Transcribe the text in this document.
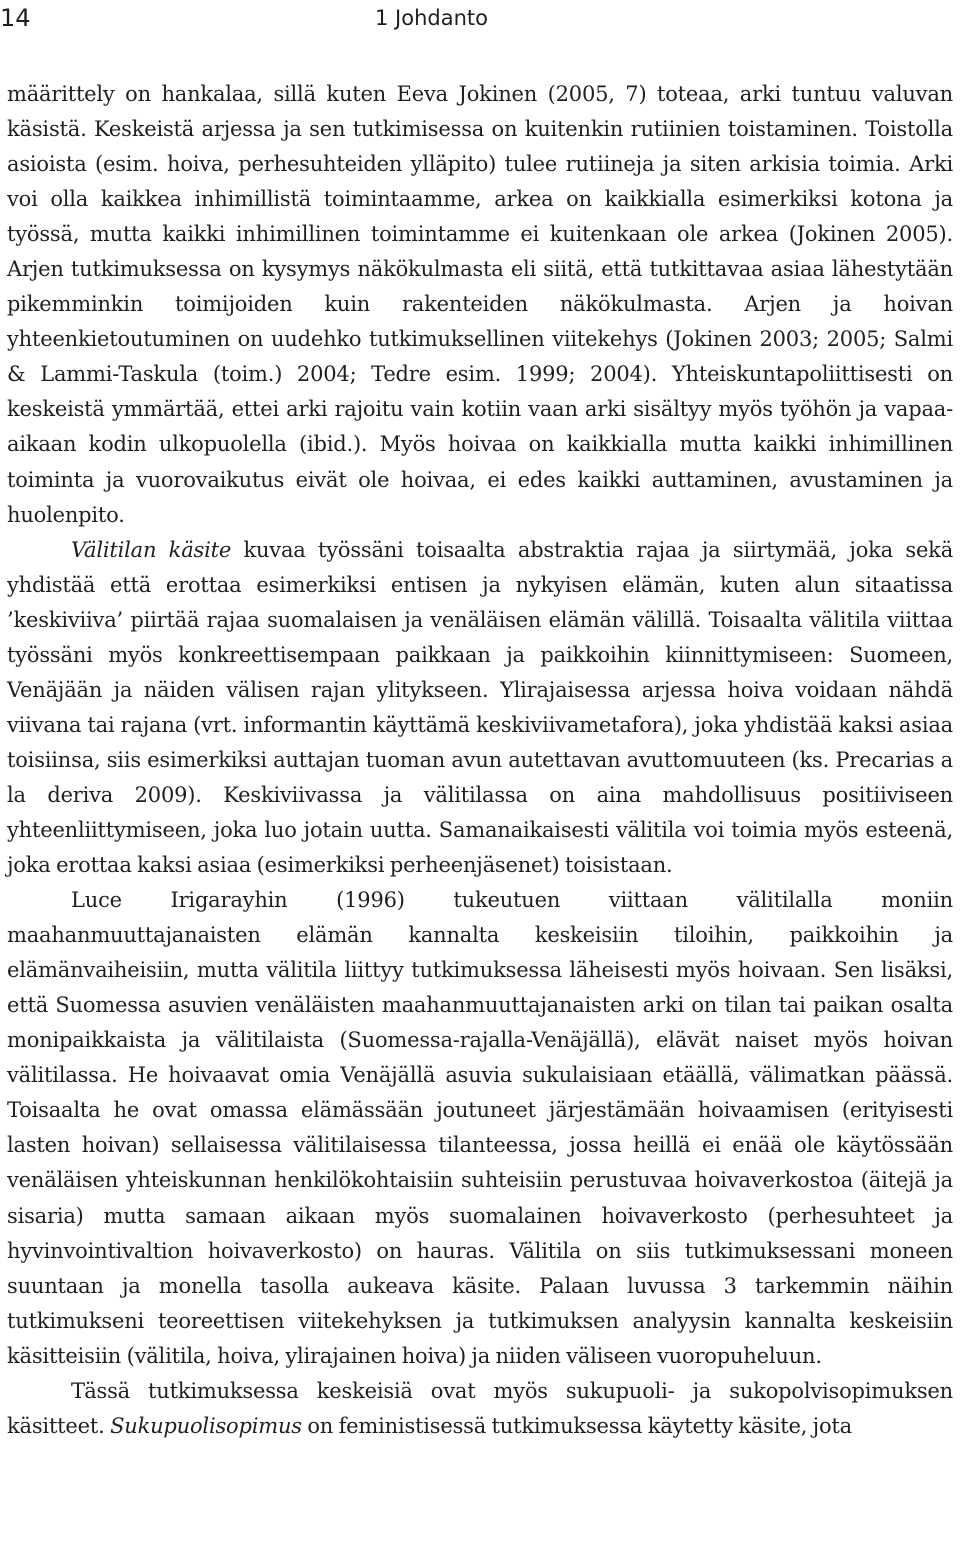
14	1 Johdanto

määrittely on hankalaa, sillä kuten Eeva Jokinen (2005, 7) toteaa, arki tuntuu valuvan käsistä. Keskeistä arjessa ja sen tutkimisessa on kuitenkin rutiinien toistaminen. Toistolla asioista (esim. hoiva, perhesuhteiden ylläpito) tulee rutiineja ja siten arkisia toimia. Arki voi olla kaikkea inhimillistä toimintaamme, arkea on kaikkialla esimerkiksi kotona ja työssä, mutta kaikki inhimillinen toimintamme ei kuitenkaan ole arkea (Jokinen 2005). Arjen tutkimuksessa on kysymys näkökulmasta eli siitä, että tutkittavaa asiaa lähestytään pikemminkin toimijoiden kuin rakenteiden näkökulmasta. Arjen ja hoivan yhteenkietoutuminen on uudehko tutkimuksellinen viitekehys (Jokinen 2003; 2005; Salmi & Lammi-Taskula (toim.) 2004; Tedre esim. 1999; 2004). Yhteiskuntapoliittisesti on keskeistä ymmärtää, ettei arki rajoitu vain kotiin vaan arki sisältyy myös työhön ja vapaa-aikaan kodin ulkopuolella (ibid.). Myös hoivaa on kaikkialla mutta kaikki inhimillinen toiminta ja vuorovaikutus eivät ole hoivaa, ei edes kaikki auttaminen, avustaminen ja huolenpito.

Välitilan käsite kuvaa työssäni toisaalta abstraktia rajaa ja siirtymää, joka sekä yhdistää että erottaa esimerkiksi entisen ja nykyisen elämän, kuten alun sitaatissa ’keskiviiva’ piirtää rajaa suomalaisen ja venäläisen elämän välillä. Toisaalta välitila viittaa työssäni myös konkreettisempaan paikkaan ja paikkoihin kiinnittymiseen: Suomeen, Venäjään ja näiden välisen rajan ylitykseen. Ylirajaisessa arjessa hoiva voidaan nähdä viivana tai rajana (vrt. informantin käyttämä keskiviivametafora), joka yhdistää kaksi asiaa toisiinsa, siis esimerkiksi auttajan tuoman avun autettavan avuttomuuteen (ks. Precarias a la deriva 2009). Keskiviivassa ja välitilassa on aina mahdollisuus positiiviseen yhteenliittymiseen, joka luo jotain uutta. Samanaikaisesti välitila voi toimia myös esteenä, joka erottaa kaksi asiaa (esimerkiksi perheenjäsenet) toisistaan.

Luce Irigarayhin (1996) tukeutuen viittaan välitilalla moniin maahanmuuttajanaisten elämän kannalta keskeisiin tiloihin, paikkoihin ja elämänvaiheisiin, mutta välitila liittyy tutkimuksessa läheisesti myös hoivaan. Sen lisäksi, että Suomessa asuvien venäläisten maahanmuuttajanaisten arki on tilan tai paikan osalta monipaikkaista ja välitilaista (Suomessa-rajalla-Venäjällä), elävät naiset myös hoivan välitilassa. He hoivaavat omia Venäjällä asuvia sukulaisiaan etäällä, välimatkan päässä. Toisaalta he ovat omassa elämässään joutuneet järjestämään hoivaamisen (erityisesti lasten hoivan) sellaisessa välitilaisessa tilanteessa, jossa heillä ei enää ole käytössään venäläisen yhteiskunnan henkilökohtaisiin suhteisiin perustuvaa hoivaverkostoa (äitejä ja sisaria) mutta samaan aikaan myös suomalainen hoivaverkosto (perhesuhteet ja hyvinvointivaltion hoivaverkosto) on hauras. Välitila on siis tutkimuksessani moneen suuntaan ja monella tasolla aukeava käsite. Palaan luvussa 3 tarkemmin näihin tutkimukseni teoreettisen viitekehyksen ja tutkimuksen analyysin kannalta keskeisiin käsitteisiin (välitila, hoiva, ylirajainen hoiva) ja niiden väliseen vuoropuheluun.

Tässä tutkimuksessa keskeisiä ovat myös sukupuoli- ja sukopolvisopimuksen käsitteet. Sukupuolisopimus on feministisessä tutkimuksessa käytetty käsite, jota
